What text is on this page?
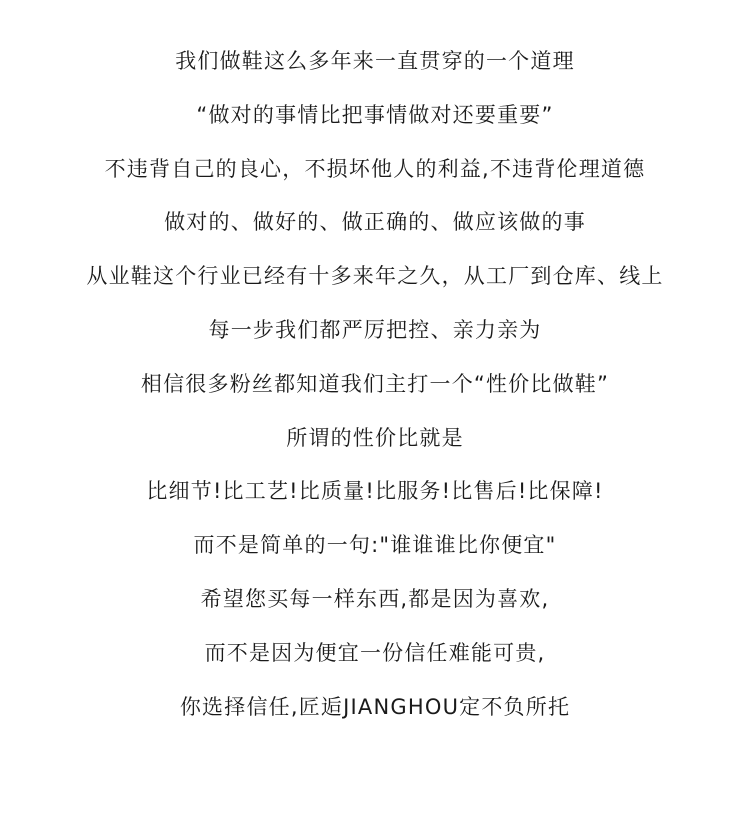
我们做鞋这么多年来一直贯穿的一个道理
“做对的事情比把事情做对还要重要”
不违背自己的良心，不损坏他人的利益,不违背伦理道德
做对的、做好的、做正确的、做应该做的事
从业鞋这个行业已经有十多来年之久，从工厂到仓库、线上
每一步我们都严厉把控、亲力亲为
相信很多粉丝都知道我们主打一个“性价比做鞋”
所谓的性价比就是
比细节!比工艺!比质量!比服务!比售后!比保障!
而不是简单的一句:"谁谁谁比你便宜"
希望您买每一样东西,都是因为喜欢,
而不是因为便宜一份信任难能可贵,
你选择信任,匠逅JIANGHOU定不负所托
